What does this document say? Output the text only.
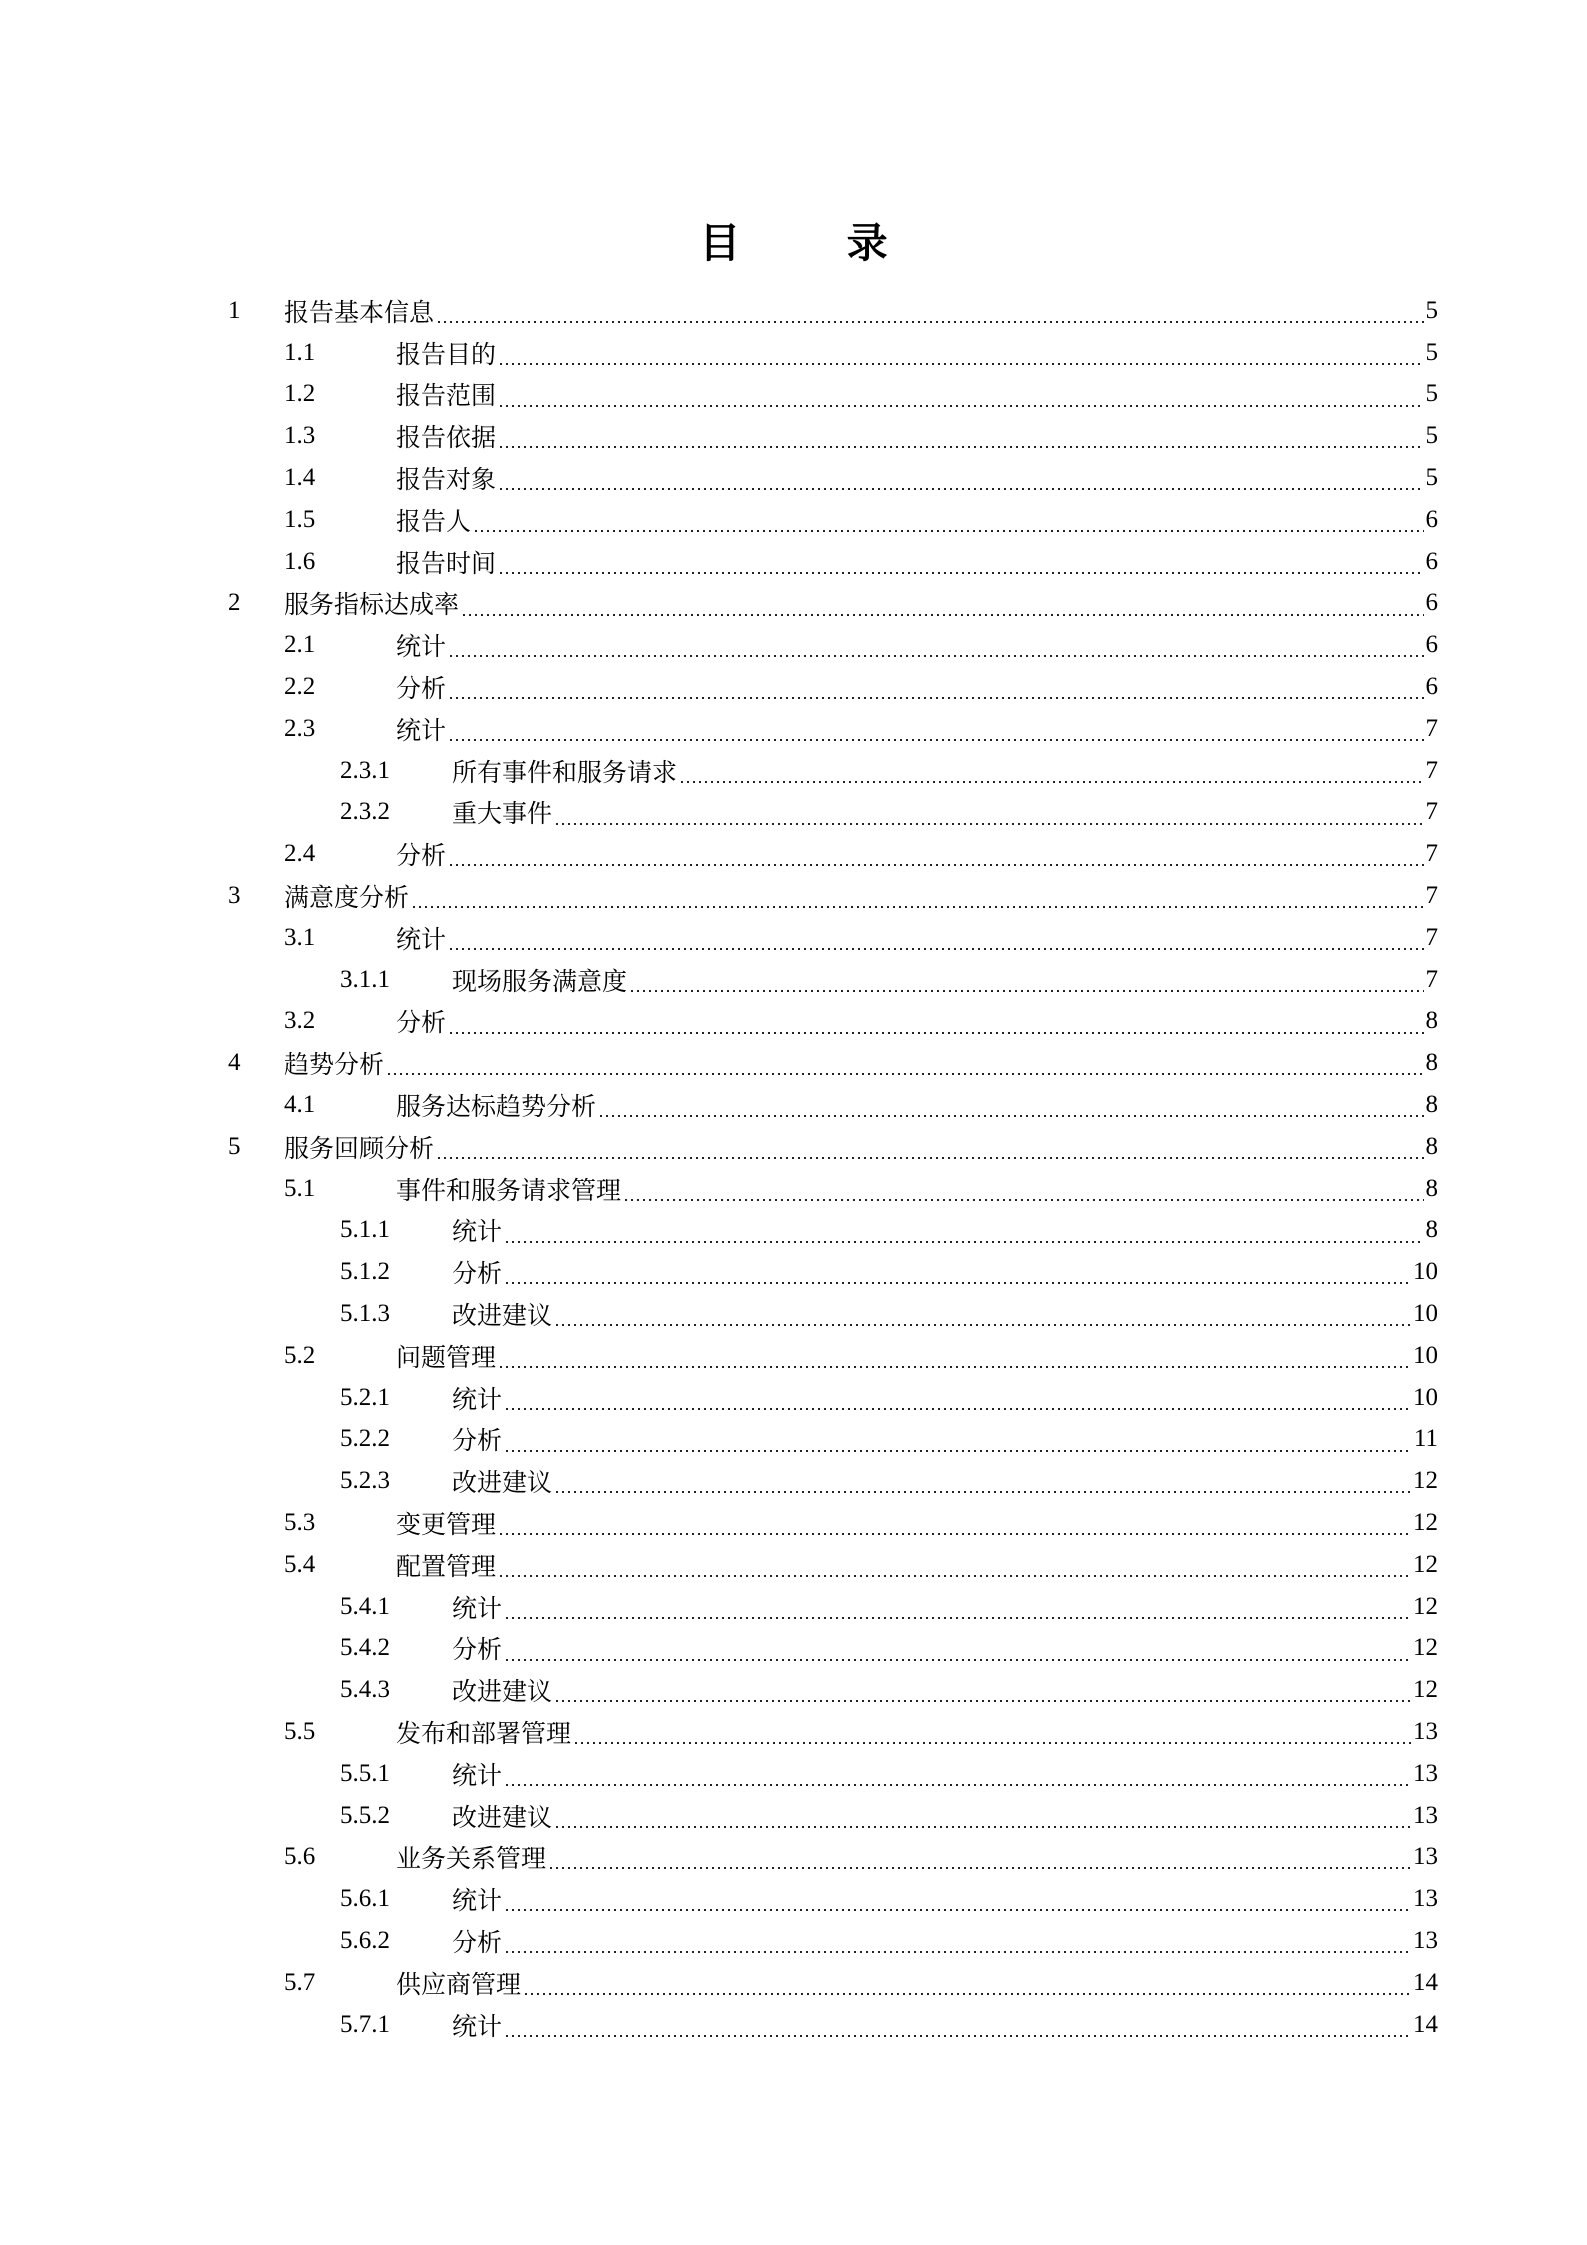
目 录
1 报告基本信息	5
1.1	报告目的	5
1.2	报告范围	5
1.3	报告依据	5
1.4	报告对象	5
1.5	报告人	6
1.6	报告时间	6
2 服务指标达成率	6
2.1	统计	6
2.2	分析	6
2.3	统计	7
2.3.1 所有事件和服务请求	7
2.3.2 重大事件	7
2.4	分析	7
3 满意度分析	7
3.1	统计	7
3.1.1 现场服务满意度	7
3.2	分析	8
4 趋势分析	8
4.1	服务达标趋势分析	8
5 服务回顾分析	8
5.1	事件和服务请求管理	8
5.1.1 统计	8
5.1.2 分析	10
5.1.3 改进建议	10
5.2	问题管理	10
5.2.1 统计	10
5.2.2 分析	11
5.2.3 改进建议	12
5.3	变更管理	12
5.4	配置管理	12
5.4.1 统计	12
5.4.2 分析	12
5.4.3 改进建议	12
5.5	发布和部署管理	13
5.5.1 统计	13
5.5.2 改进建议	13
5.6	业务关系管理	13
5.6.1 统计	13
5.6.2 分析	13
5.7	供应商管理	14
5.7.1 统计	14
